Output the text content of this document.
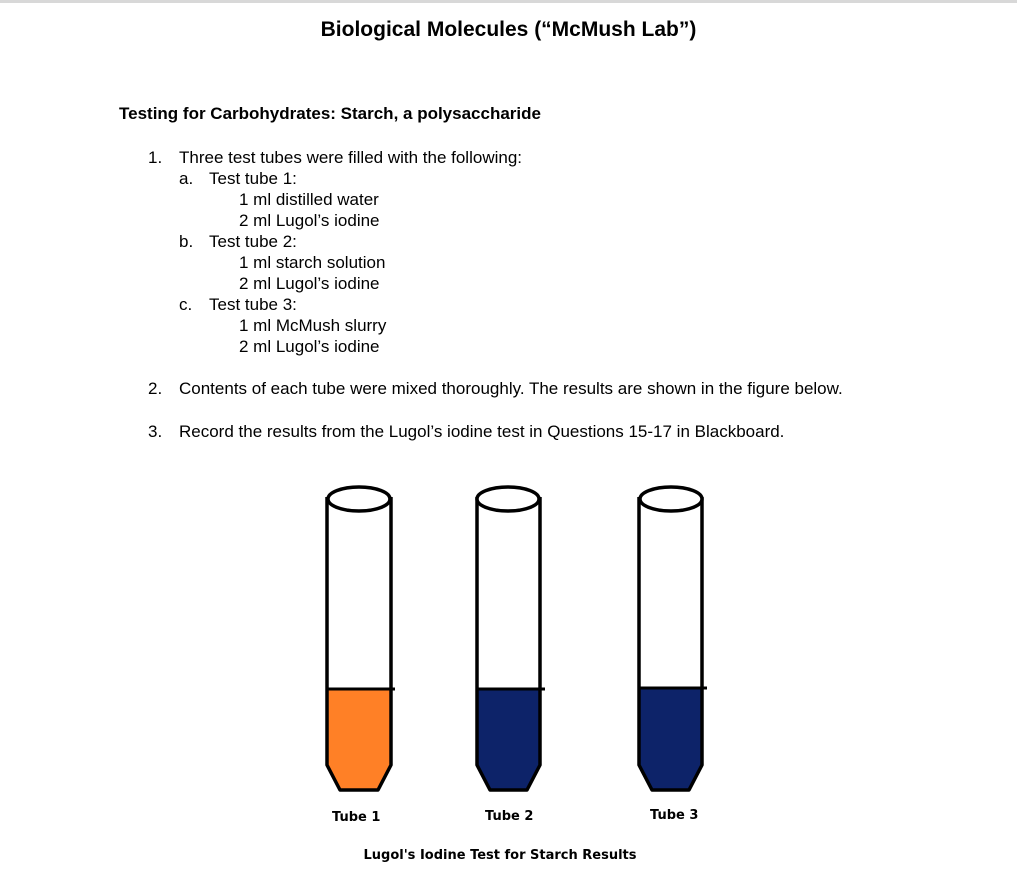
Biological Molecules (“McMush Lab”)
Testing for Carbohydrates: Starch, a polysaccharide
1. Three test tubes were filled with the following:
a. Test tube 1:
1 ml distilled water
2 ml Lugol’s iodine
b. Test tube 2:
1 ml starch solution
2 ml Lugol’s iodine
c. Test tube 3:
1 ml McMush slurry
2 ml Lugol’s iodine
2. Contents of each tube were mixed thoroughly. The results are shown in the figure below.
3. Record the results from the Lugol’s iodine test in Questions 15-17 in Blackboard.
Tube 1	Tube 2	Tube 3
Lugol's Iodine Test for Starch Results
